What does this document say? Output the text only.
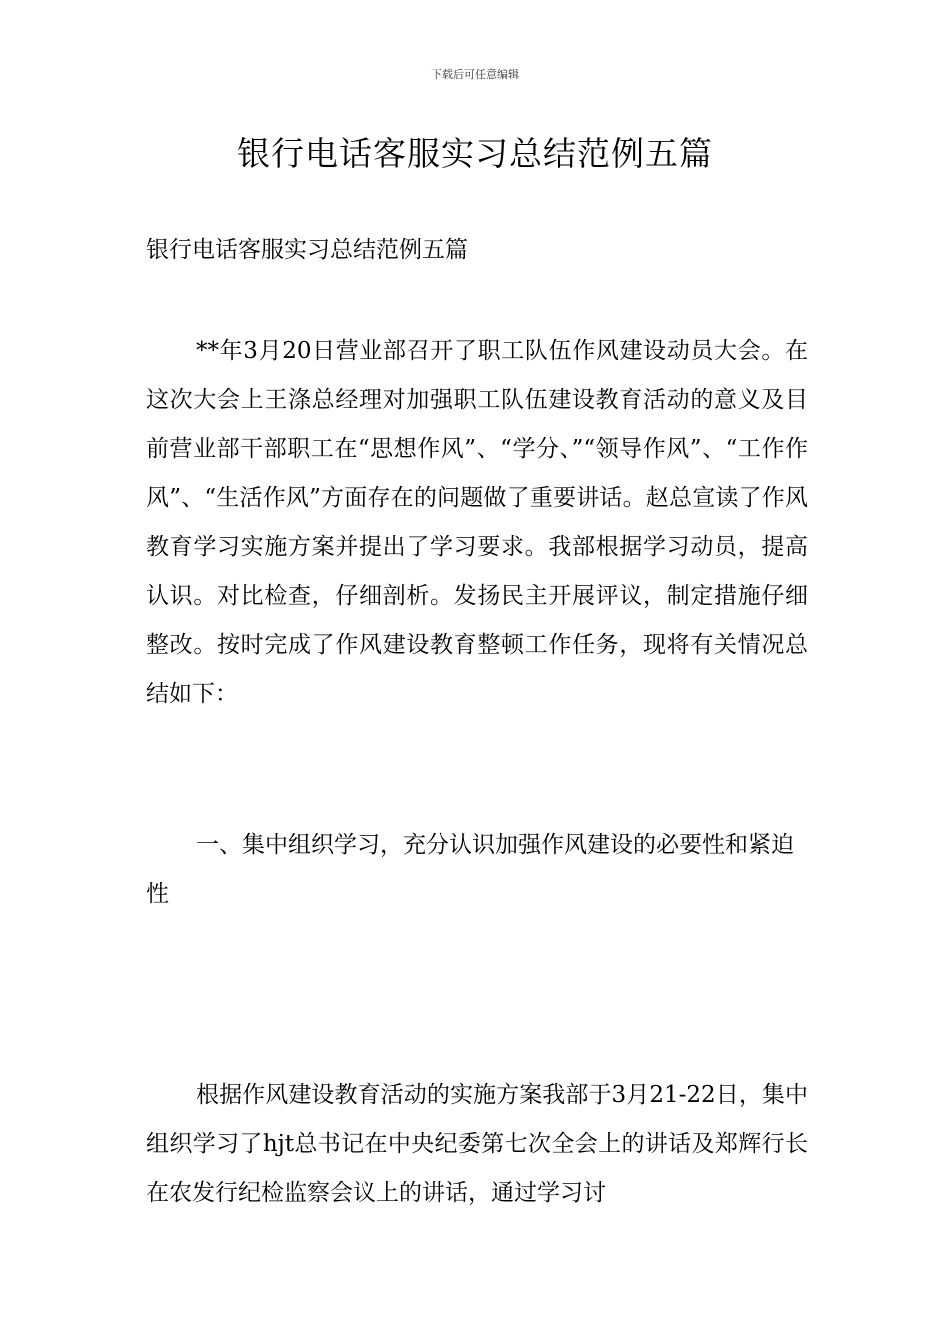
下载后可任意编辑
银行电话客服实习总结范例五篇

银行电话客服实习总结范例五篇

**年3月20日营业部召开了职工队伍作风建设动员大会。在这次大会上王涤总经理对加强职工队伍建设教育活动的意义及目前营业部干部职工在“思想作风”、“学分、”“领导作风”、“工作作风”、“生活作风”方面存在的问题做了重要讲话。赵总宣读了作风教育学习实施方案并提出了学习要求。我部根据学习动员，提高认识。对比检查，仔细剖析。发扬民主开展评议，制定措施仔细整改。按时完成了作风建设教育整顿工作任务，现将有关情况总结如下：

一、集中组织学习，充分认识加强作风建设的必要性和紧迫性

根据作风建设教育活动的实施方案我部于3月21-22日，集中组织学习了hjt总书记在中央纪委第七次全会上的讲话及郑辉行长在农发行纪检监察会议上的讲话，通过学习讨
